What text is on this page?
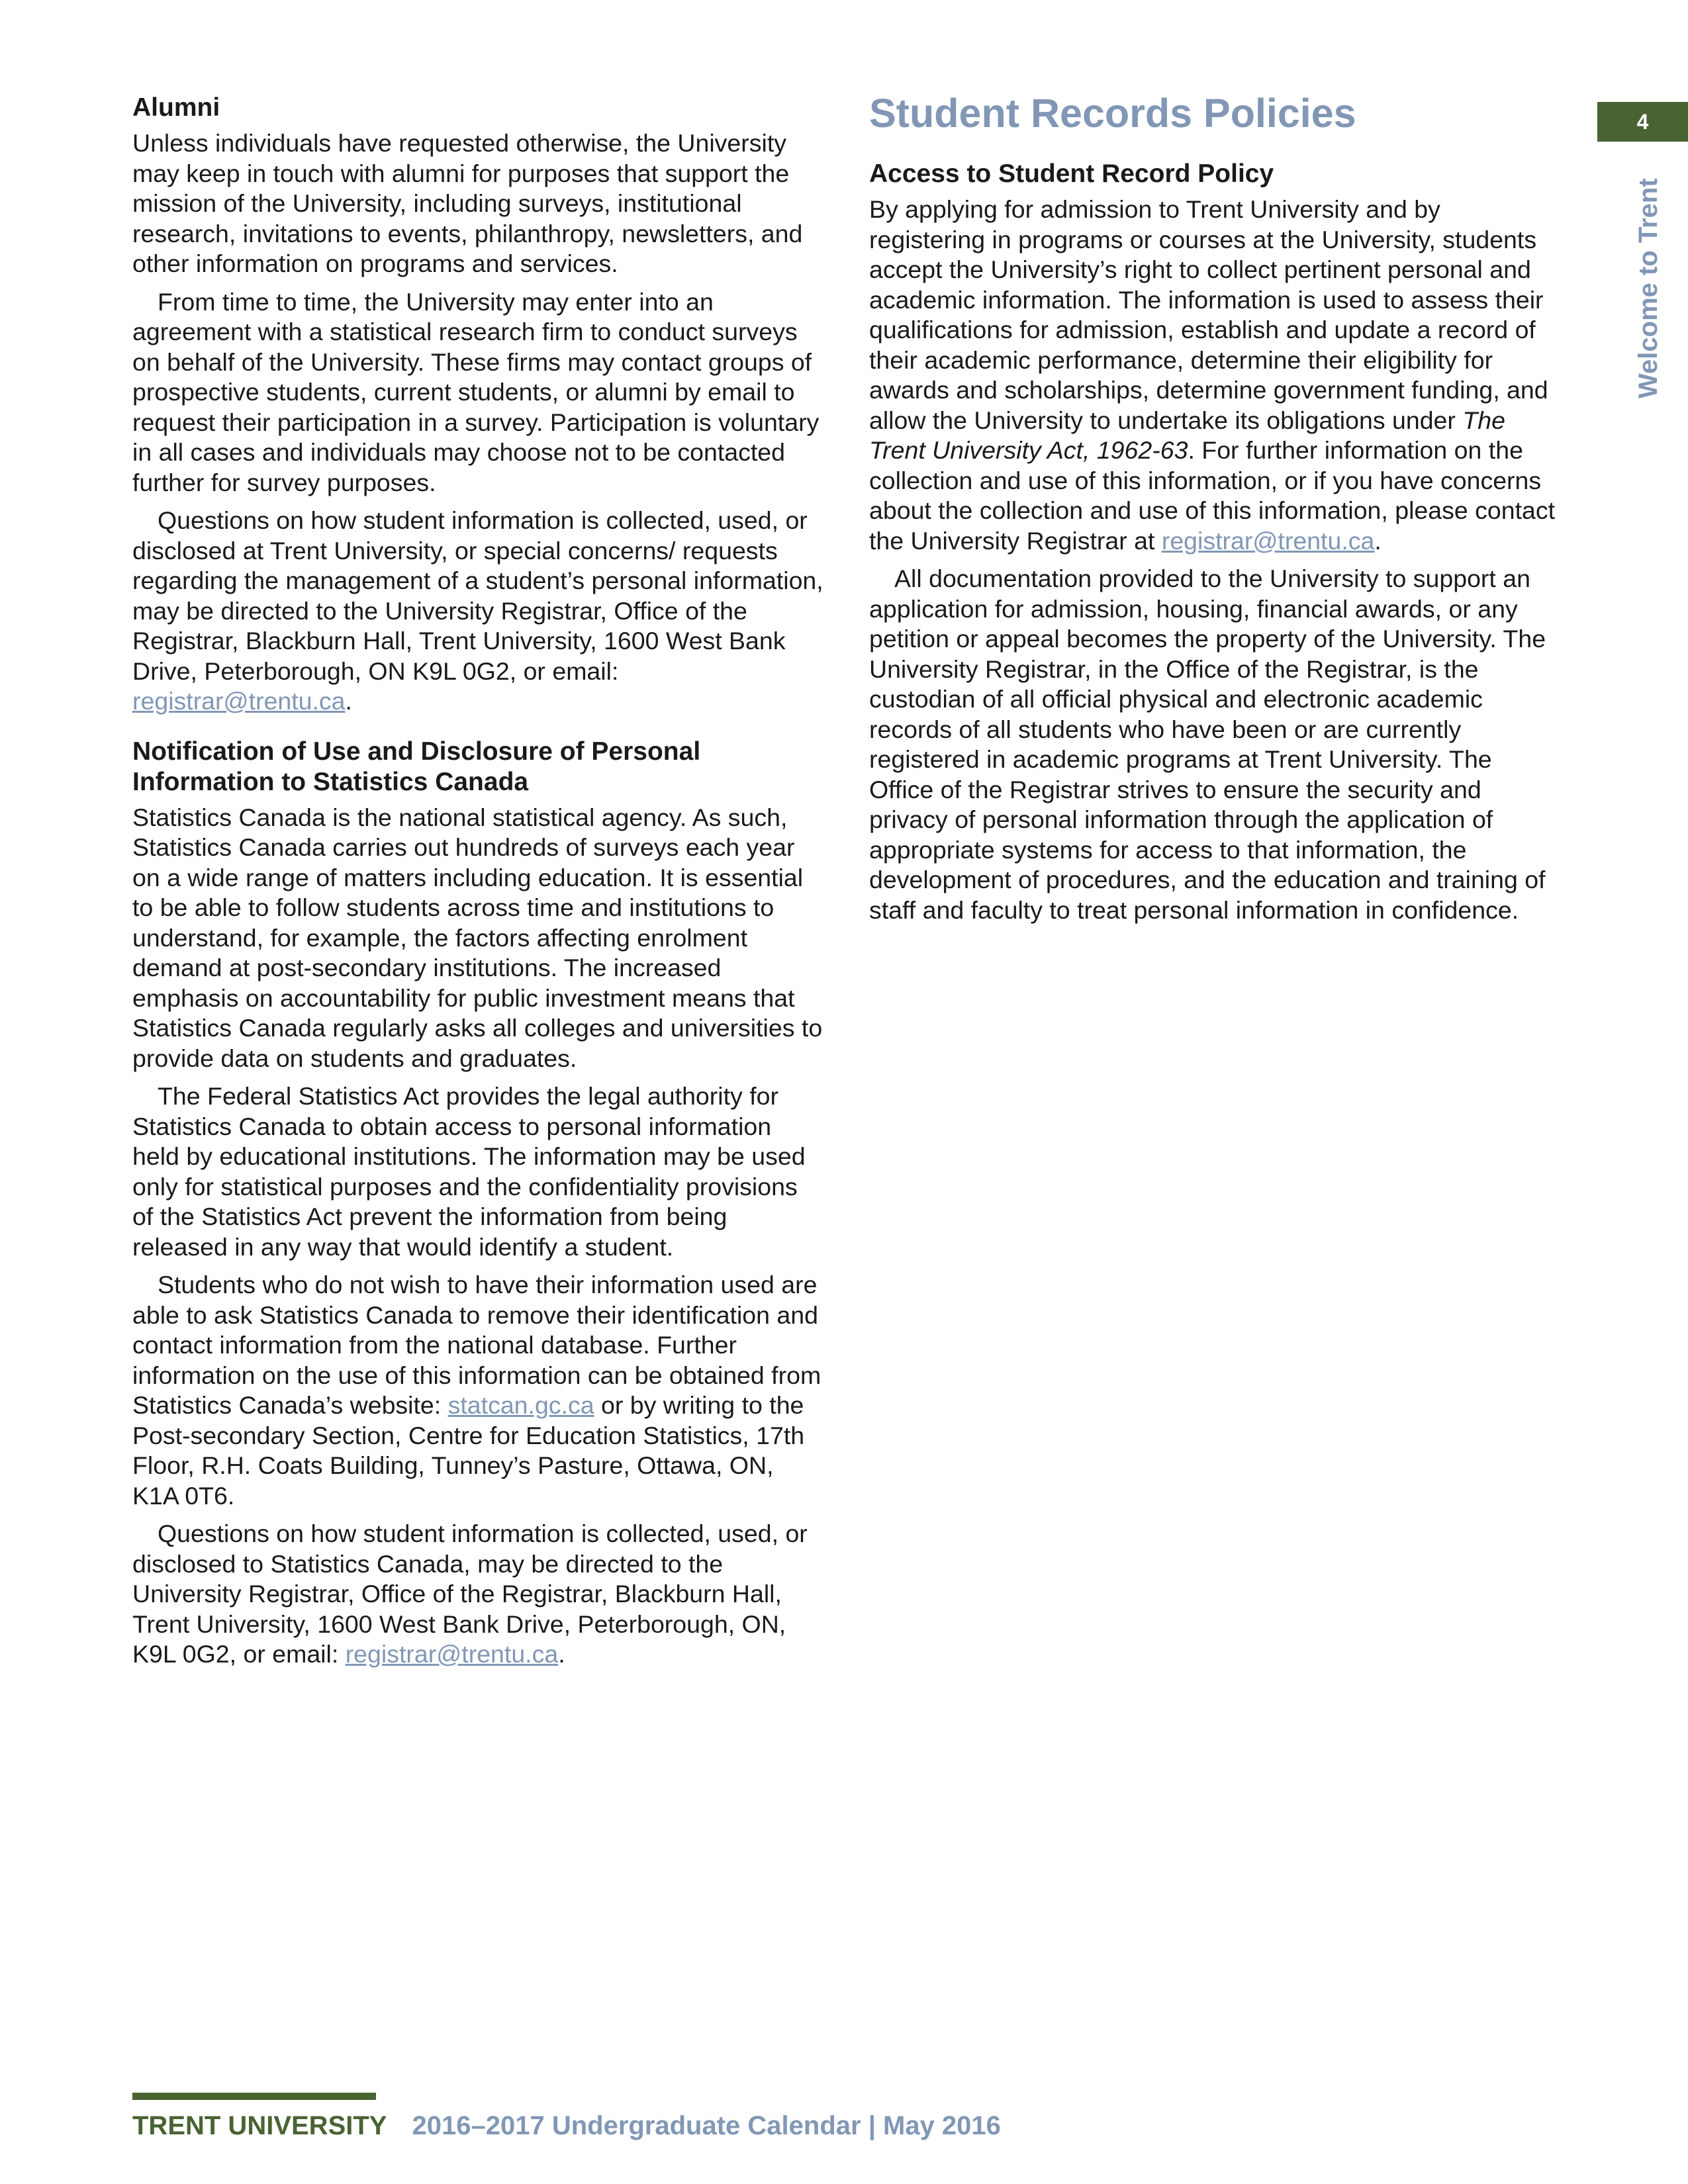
4
Welcome to Trent
Alumni

Unless individuals have requested otherwise, the University may keep in touch with alumni for purposes that support the mission of the University, including surveys, institutional research, invitations to events, philanthropy, newsletters, and other information on programs and services.

From time to time, the University may enter into an agreement with a statistical research firm to conduct surveys on behalf of the University. These firms may contact groups of prospective students, current students, or alumni by email to request their participation in a survey. Participation is voluntary in all cases and individuals may choose not to be contacted further for survey purposes.

Questions on how student information is collected, used, or disclosed at Trent University, or special concerns/ requests regarding the management of a student’s personal information, may be directed to the University Registrar, Office of the Registrar, Blackburn Hall, Trent University, 1600 West Bank Drive, Peterborough, ON K9L 0G2, or email: registrar@trentu.ca.

Notification of Use and Disclosure of Personal Information to Statistics Canada

Statistics Canada is the national statistical agency. As such, Statistics Canada carries out hundreds of surveys each year on a wide range of matters including education. It is essential to be able to follow students across time and institutions to understand, for example, the factors affecting enrolment demand at post-secondary institutions. The increased emphasis on accountability for public investment means that Statistics Canada regularly asks all colleges and universities to provide data on students and graduates.

The Federal Statistics Act provides the legal authority for Statistics Canada to obtain access to personal information held by educational institutions. The information may be used only for statistical purposes and the confidentiality provisions of the Statistics Act prevent the information from being released in any way that would identify a student.

Students who do not wish to have their information used are able to ask Statistics Canada to remove their identification and contact information from the national database. Further information on the use of this information can be obtained from Statistics Canada’s website: statcan.gc.ca or by writing to the Post-secondary Section, Centre for Education Statistics, 17th Floor, R.H. Coats Building, Tunney’s Pasture, Ottawa, ON, K1A 0T6.

Questions on how student information is collected, used, or disclosed to Statistics Canada, may be directed to the University Registrar, Office of the Registrar, Blackburn Hall, Trent University, 1600 West Bank Drive, Peterborough, ON, K9L 0G2, or email: registrar@trentu.ca.

Student Records Policies
Access to Student Record Policy

By applying for admission to Trent University and by registering in programs or courses at the University, students accept the University’s right to collect pertinent personal and academic information. The information is used to assess their qualifications for admission, establish and update a record of their academic performance, determine their eligibility for awards and scholarships, determine government funding, and allow the University to undertake its obligations under The Trent University Act, 1962-63. For further information on the collection and use of this information, or if you have concerns about the collection and use of this information, please contact the University Registrar at registrar@trentu.ca.

All documentation provided to the University to support an application for admission, housing, financial awards, or any petition or appeal becomes the property of the University. The University Registrar, in the Office of the Registrar, is the custodian of all official physical and electronic academic records of all students who have been or are currently registered in academic programs at Trent University. The Office of the Registrar strives to ensure the security and privacy of personal information through the application of appropriate systems for access to that information, the development of procedures, and the education and training of staff and faculty to treat personal information in confidence.

TRENT UNIVERSITY 2016–2017 Undergraduate Calendar | May 2016
